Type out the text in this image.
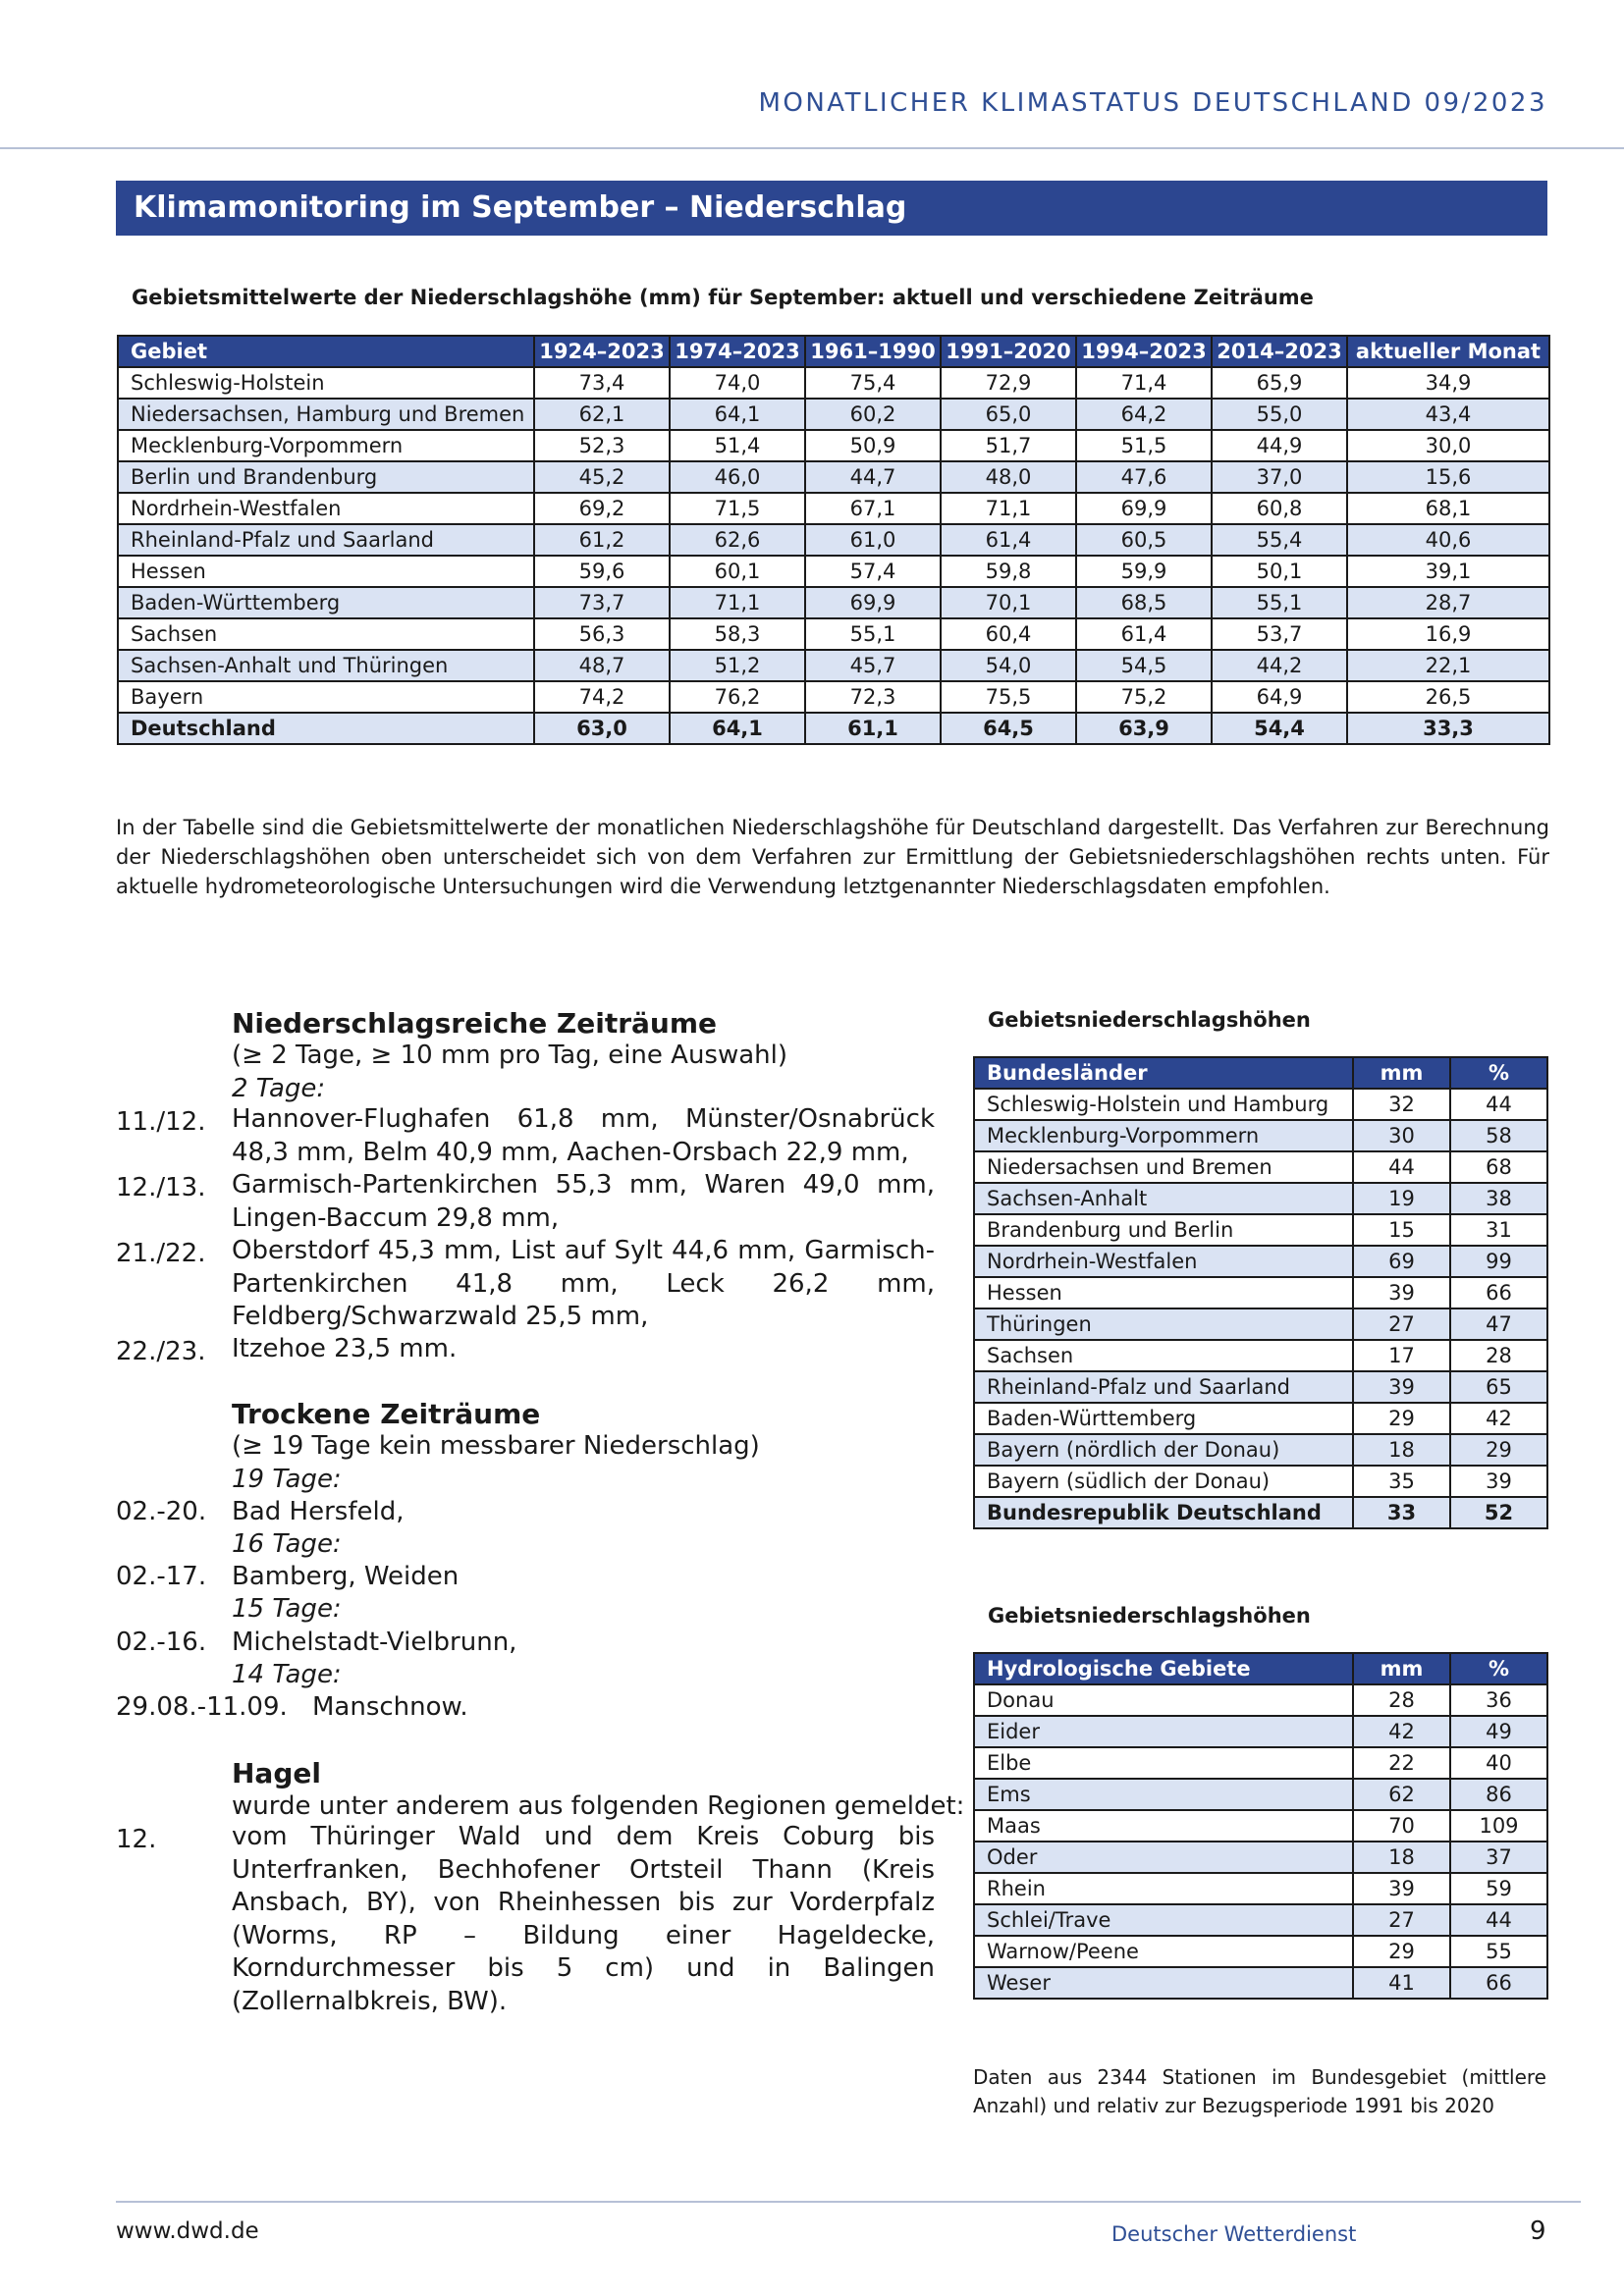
MONATLICHER KLIMASTATUS DEUTSCHLAND 09/2023
Klimamonitoring im September – Niederschlag
Gebietsmittelwerte der Niederschlagshöhe (mm) für September: aktuell und verschiedene Zeiträume
Gebiet	1924–2023	1974–2023	1961–1990	1991–2020	1994–2023	2014–2023	aktueller Monat
Schleswig-Holstein	73,4	74,0	75,4	72,9	71,4	65,9	34,9
Niedersachsen, Hamburg und Bremen	62,1	64,1	60,2	65,0	64,2	55,0	43,4
Mecklenburg-Vorpommern	52,3	51,4	50,9	51,7	51,5	44,9	30,0
Berlin und Brandenburg	45,2	46,0	44,7	48,0	47,6	37,0	15,6
Nordrhein-Westfalen	69,2	71,5	67,1	71,1	69,9	60,8	68,1
Rheinland-Pfalz und Saarland	61,2	62,6	61,0	61,4	60,5	55,4	40,6
Hessen	59,6	60,1	57,4	59,8	59,9	50,1	39,1
Baden-Württemberg	73,7	71,1	69,9	70,1	68,5	55,1	28,7
Sachsen	56,3	58,3	55,1	60,4	61,4	53,7	16,9
Sachsen-Anhalt und Thüringen	48,7	51,2	45,7	54,0	54,5	44,2	22,1
Bayern	74,2	76,2	72,3	75,5	75,2	64,9	26,5
Deutschland	63,0	64,1	61,1	64,5	63,9	54,4	33,3
In der Tabelle sind die Gebietsmittelwerte der monatlichen Niederschlagshöhe für Deutschland dargestellt. Das Verfahren zur Berechnung der Niederschlagshöhen oben unterscheidet sich von dem Verfahren zur Ermittlung der Gebietsniederschlagshöhen rechts unten. Für aktuelle hydrometeorologische Untersuchungen wird die Verwendung letztgenannter Niederschlagsdaten empfohlen.
Niederschlagsreiche Zeiträume
(≥ 2 Tage, ≥ 10 mm pro Tag, eine Auswahl)
2 Tage:
11./12. Hannover-Flughafen 61,8 mm, Münster/Osnabrück 48,3 mm, Belm 40,9 mm, Aachen-Orsbach 22,9 mm,
12./13. Garmisch-Partenkirchen 55,3 mm, Waren 49,0 mm, Lingen-Baccum 29,8 mm,
21./22. Oberstdorf 45,3 mm, List auf Sylt 44,6 mm, Garmisch-Partenkirchen 41,8 mm, Leck 26,2 mm, Feldberg/Schwarzwald 25,5 mm,
22./23. Itzehoe 23,5 mm.
Trockene Zeiträume
(≥ 19 Tage kein messbarer Niederschlag)
19 Tage:
02.-20. Bad Hersfeld,
16 Tage:
02.-17. Bamberg, Weiden
15 Tage:
02.-16. Michelstadt-Vielbrunn,
14 Tage:
29.08.-11.09. Manschnow.
Hagel
wurde unter anderem aus folgenden Regionen gemeldet:
12.	vom Thüringer Wald und dem Kreis Coburg bis Unterfranken, Bechhofener Ortsteil Thann (Kreis Ansbach, BY), von Rheinhessen bis zur Vorderpfalz (Worms, RP – Bildung einer Hageldecke, Korndurchmesser bis 5 cm) und in Balingen (Zollernalbkreis, BW).
Gebietsniederschlagshöhen
Bundesländer	mm	%
Schleswig-Holstein und Hamburg	32	44
Mecklenburg-Vorpommern	30	58
Niedersachsen und Bremen	44	68
Sachsen-Anhalt	19	38
Brandenburg und Berlin	15	31
Nordrhein-Westfalen	69	99
Hessen	39	66
Thüringen	27	47
Sachsen	17	28
Rheinland-Pfalz und Saarland	39	65
Baden-Württemberg	29	42
Bayern (nördlich der Donau)	18	29
Bayern (südlich der Donau)	35	39
Bundesrepublik Deutschland	33	52
Gebietsniederschlagshöhen
Hydrologische Gebiete	mm	%
Donau	28	36
Eider	42	49
Elbe	22	40
Ems	62	86
Maas	70	109
Oder	18	37
Rhein	39	59
Schlei/Trave	27	44
Warnow/Peene	29	55
Weser	41	66
Daten aus 2344 Stationen im Bundesgebiet (mittlere Anzahl) und relativ zur Bezugsperiode 1991 bis 2020
www.dwd.de	Deutscher Wetterdienst	9
